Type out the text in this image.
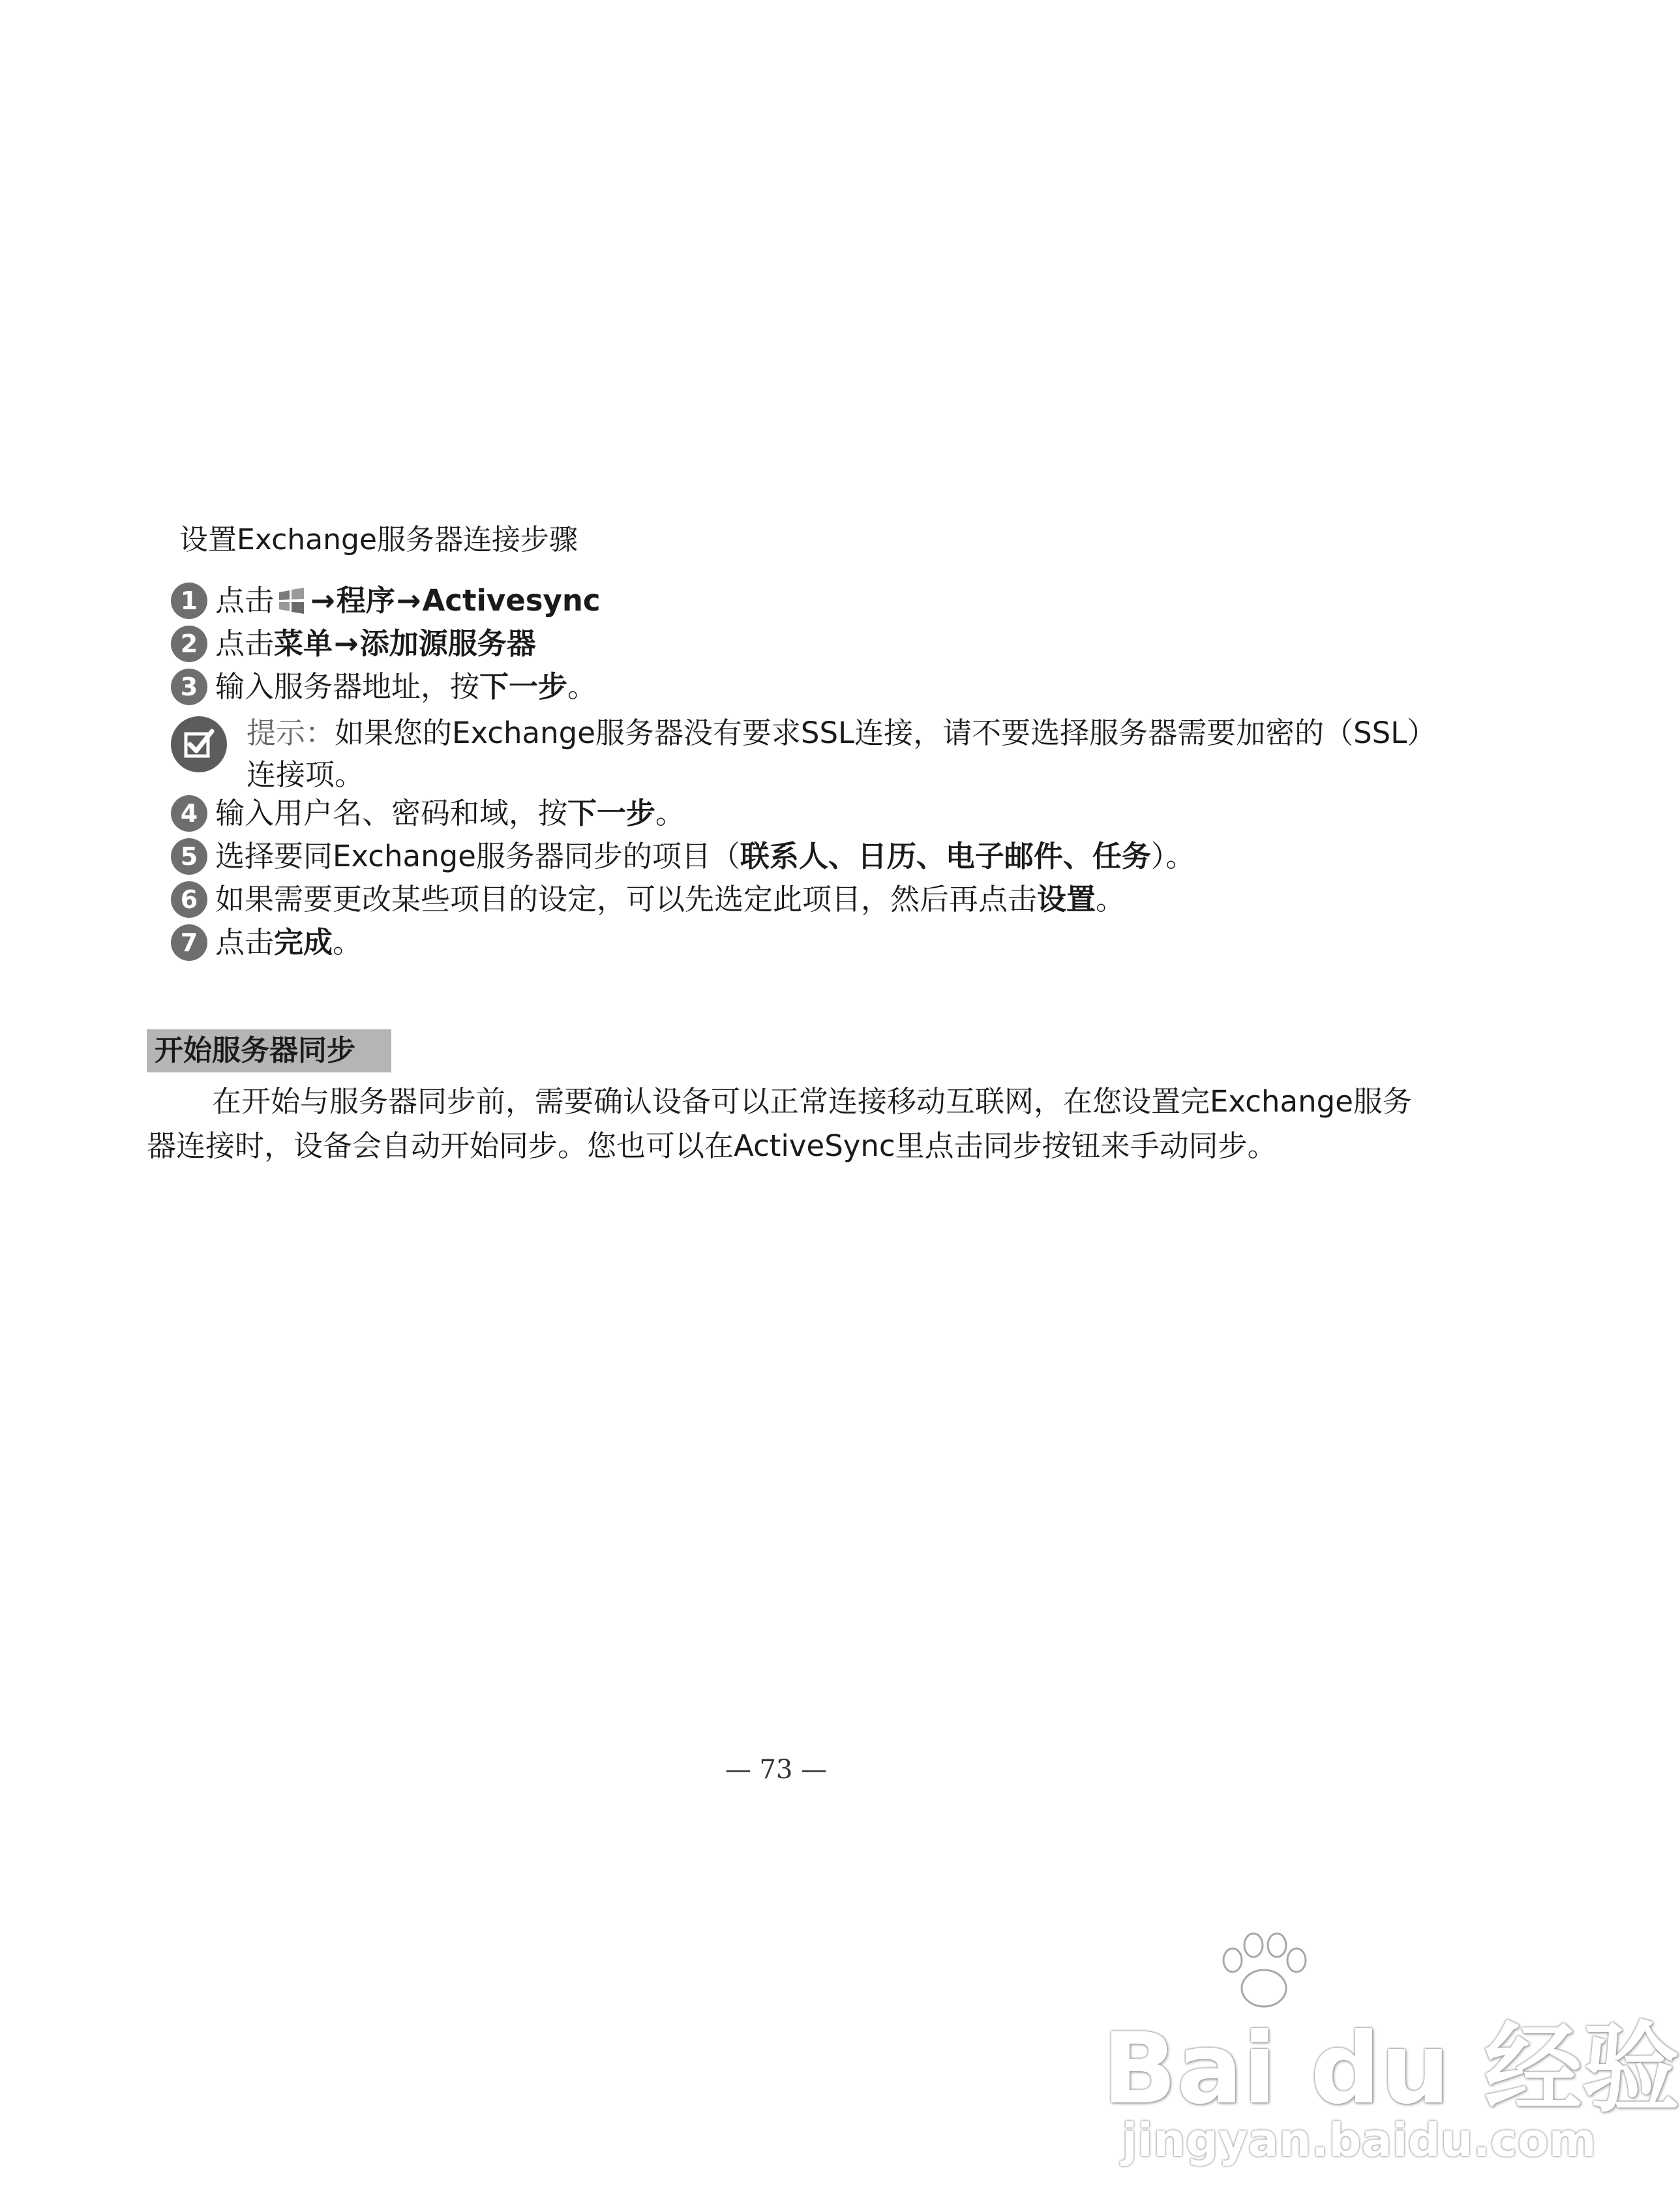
设置Exchange服务器连接步骤
1 点击 → 程序 → Activesync
2 点击 菜单 → 添加源服务器
3 输入服务器地址，按 下一步 。
提示：如果您的Exchange服务器没有要求SSL连接，请不要选择服务器需要加密的（SSL）连接项。
4 输入用户名、密码和域，按 下一步 。
5 选择要同Exchange服务器同步的项目（ 联系人、日历、电子邮件、任务 ）。
6 如果需要更改某些项目的设定，可以先选定此项目，然后再点击 设置 。
7 点击 完成 。
开始服务器同步
在开始与服务器同步前，需要确认设备可以正常连接移动互联网，在您设置完Exchange服务器连接时，设备会自动开始同步。您也可以在ActiveSync里点击同步按钮来手动同步。
— 73 —
Bai du 经验
jingyan.baidu.com
